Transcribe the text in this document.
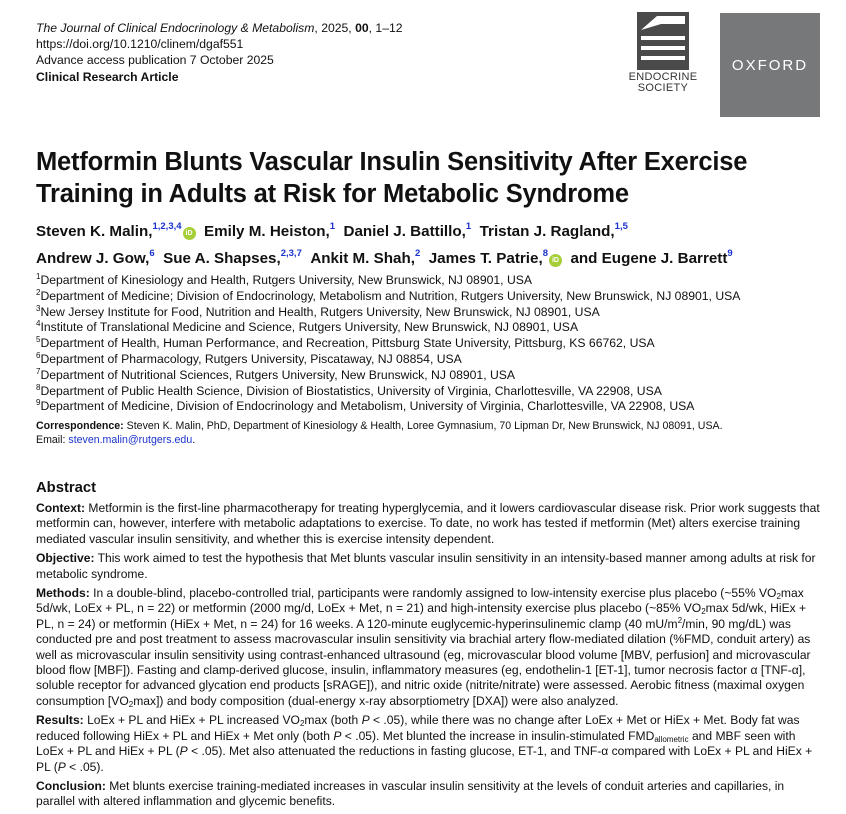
The Journal of Clinical Endocrinology & Metabolism, 2025, 00, 1–12
https://doi.org/10.1210/clinem/dgaf551
Advance access publication 7 October 2025
Clinical Research Article	ENDOCRINE
SOCIETY
OXFORD
Metformin Blunts Vascular Insulin Sensitivity After Exercise
Training in Adults at Risk for Metabolic Syndrome
Steven K. Malin,$^{1,2,3,4}$iD Emily M. Heiston,$^1$ Daniel J. Battillo,$^1$ Tristan J. Ragland,$^{1,5}$
Andrew J. Gow,$^6$ Sue A. Shapses,$^{2,3,7}$ Ankit M. Shah,$^2$ James T. Patrie,$^8$iD and Eugene J. Barrett$^9$
$^1$Department of Kinesiology and Health, Rutgers University, New Brunswick, NJ 08901, USA
$^2$Department of Medicine; Division of Endocrinology, Metabolism and Nutrition, Rutgers University, New Brunswick, NJ 08901, USA
$^3$New Jersey Institute for Food, Nutrition and Health, Rutgers University, New Brunswick, NJ 08901, USA
$^4$Institute of Translational Medicine and Science, Rutgers University, New Brunswick, NJ 08901, USA
$^5$Department of Health, Human Performance, and Recreation, Pittsburg State University, Pittsburg, KS 66762, USA
$^6$Department of Pharmacology, Rutgers University, Piscataway, NJ 08854, USA
$^7$Department of Nutritional Sciences, Rutgers University, New Brunswick, NJ 08901, USA
$^8$Department of Public Health Science, Division of Biostatistics, University of Virginia, Charlottesville, VA 22908, USA
$^9$Department of Medicine, Division of Endocrinology and Metabolism, University of Virginia, Charlottesville, VA 22908, USA
Correspondence: Steven K. Malin, PhD, Department of Kinesiology & Health, Loree Gymnasium, 70 Lipman Dr, New Brunswick, NJ 08091, USA.
Email: steven.malin@rutgers.edu.
Abstract

Context: Metformin is the first-line pharmacotherapy for treating hyperglycemia, and it lowers cardiovascular disease risk. Prior work suggests that metformin can, however, interfere with metabolic adaptations to exercise. To date, no work has tested if metformin (Met) alters exercise training mediated vascular insulin sensitivity, and whether this is exercise intensity dependent.

Objective: This work aimed to test the hypothesis that Met blunts vascular insulin sensitivity in an intensity-based manner among adults at risk for metabolic syndrome.

Methods: In a double-blind, placebo-controlled trial, participants were randomly assigned to low-intensity exercise plus placebo (~55% $VO_2\max$ 5d/wk, LoEx + PL, n = 22) or metformin (2000 mg/d, LoEx + Met, n = 21) and high-intensity exercise plus placebo (~85% $VO_2\max$ 5d/wk, HiEx + PL, n = 24) or metformin (HiEx + Met, n = 24) for 16 weeks. A 120-minute euglycemic-hyperinsulinemic clamp (40 $mU/m^2/\min$, 90 mg/dL) was conducted pre and post treatment to assess macrovascular insulin sensitivity via brachial artery flow-mediated dilation (%FMD, conduit artery) as well as microvascular insulin sensitivity using contrast-enhanced ultrasound (eg, microvascular blood volume [MBV, perfusion] and microvascular blood flow [MBF]). Fasting and clamp-derived glucose, insulin, inflammatory measures (eg, endothelin-1 [ET-1], tumor necrosis factor α [TNF-α], soluble receptor for advanced glycation end products [sRAGE]), and nitric oxide (nitrite/nitrate) were assessed. Aerobic fitness (maximal oxygen consumption $[VO_2\max]$) and body composition (dual-energy x-ray absorptiometry [DXA]) were also analyzed.

Results: LoEx + PL and HiEx + PL increased $VO_2\max$ (both P < .05), while there was no change after LoEx + Met or HiEx + Met. Body fat was reduced following HiEx + PL and HiEx + Met only (both P < .05). Met blunted the increase in insulin-stimulated $FMD_{allometric}$ and MBF seen with LoEx + PL and HiEx + PL (P < .05). Met also attenuated the reductions in fasting glucose, ET-1, and TNF-α compared with LoEx + PL and HiEx + PL (P < .05).

Conclusion: Met blunts exercise training-mediated increases in vascular insulin sensitivity at the levels of conduit arteries and capillaries, in parallel with altered inflammation and glycemic benefits.
